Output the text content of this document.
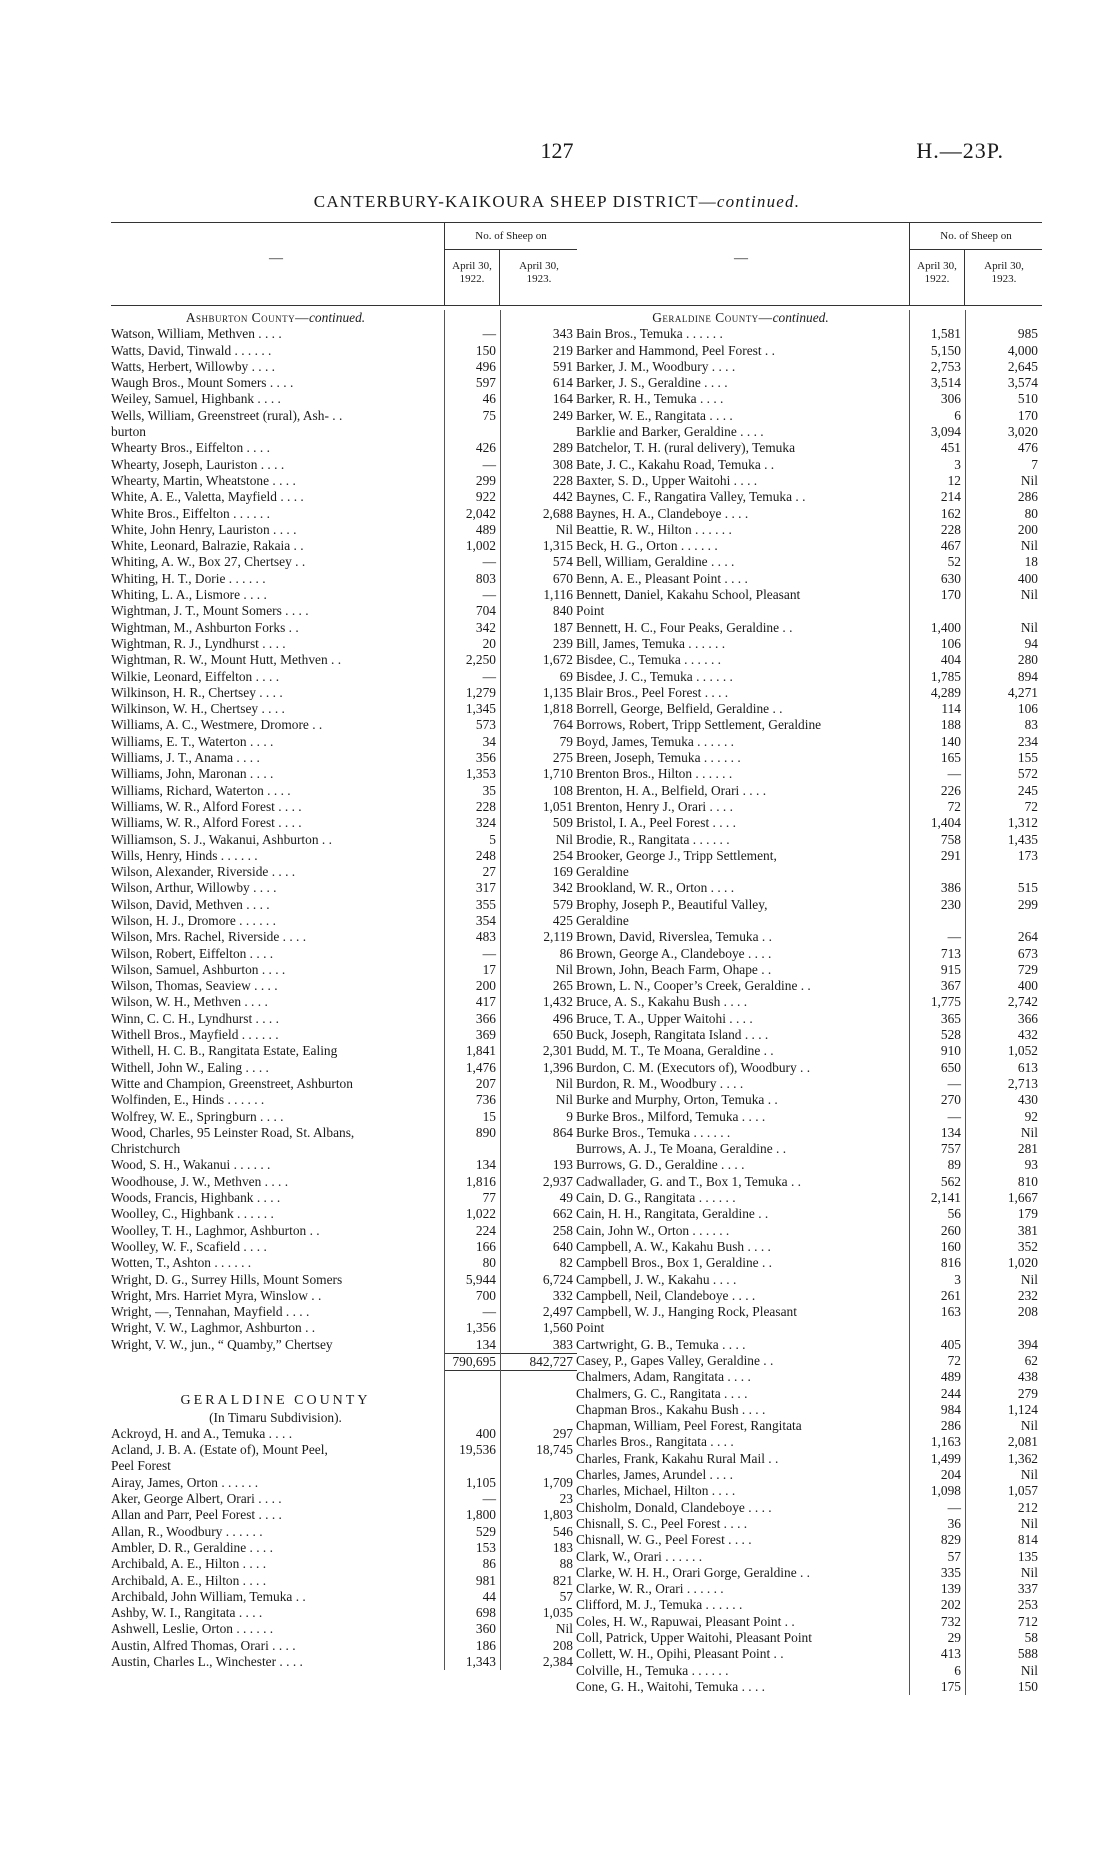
127	H.—23P.
CANTERBURY-KAIKOURA SHEEP DISTRICT—continued.
—
No. of Sheep on
April 30,
1922.
April 30,
1923.
Ashburton County—continued.
Watson, William, Methven . . . .	—	343
Watts, David, Tinwald . . . . . .	150	219
Watts, Herbert, Willowby . . . .	496	591
Waugh Bros., Mount Somers . . . .	597	614
Weiley, Samuel, Highbank . . . .	46	164
Wells, William, Greenstreet (rural), Ash- . .	75	249
burton
Whearty Bros., Eiffelton . . . .	426	289
Whearty, Joseph, Lauriston . . . .	—	308
Whearty, Martin, Wheatstone . . . .	299	228
White, A. E., Valetta, Mayfield . . . .	922	442
White Bros., Eiffelton . . . . . .	2,042	2,688
White, John Henry, Lauriston . . . .	489	Nil
White, Leonard, Balrazie, Rakaia . .	1,002	1,315
Whiting, A. W., Box 27, Chertsey . .	—	574
Whiting, H. T., Dorie . . . . . .	803	670
Whiting, L. A., Lismore . . . .	—	1,116
Wightman, J. T., Mount Somers . . . .	704	840
Wightman, M., Ashburton Forks . .	342	187
Wightman, R. J., Lyndhurst . . . .	20	239
Wightman, R. W., Mount Hutt, Methven . .	2,250	1,672
Wilkie, Leonard, Eiffelton . . . .	—	69
Wilkinson, H. R., Chertsey . . . .	1,279	1,135
Wilkinson, W. H., Chertsey . . . .	1,345	1,818
Williams, A. C., Westmere, Dromore . .	573	764
Williams, E. T., Waterton . . . .	34	79
Williams, J. T., Anama . . . .	356	275
Williams, John, Maronan . . . .	1,353	1,710
Williams, Richard, Waterton . . . .	35	108
Williams, W. R., Alford Forest . . . .	228	1,051
Williams, W. R., Alford Forest . . . .	324	509
Williamson, S. J., Wakanui, Ashburton . .	5	Nil
Wills, Henry, Hinds . . . . . .	248	254
Wilson, Alexander, Riverside . . . .	27	169
Wilson, Arthur, Willowby . . . .	317	342
Wilson, David, Methven . . . .	355	579
Wilson, H. J., Dromore . . . . . .	354	425
Wilson, Mrs. Rachel, Riverside . . . .	483	2,119
Wilson, Robert, Eiffelton . . . .	—	86
Wilson, Samuel, Ashburton . . . .	17	Nil
Wilson, Thomas, Seaview . . . .	200	265
Wilson, W. H., Methven . . . .	417	1,432
Winn, C. C. H., Lyndhurst . . . .	366	496
Withell Bros., Mayfield . . . . . .	369	650
Withell, H. C. B., Rangitata Estate, Ealing	1,841	2,301
Withell, John W., Ealing . . . .	1,476	1,396
Witte and Champion, Greenstreet, Ashburton	207	Nil
Wolfinden, E., Hinds . . . . . .	736	Nil
Wolfrey, W. E., Springburn . . . .	15	9
Wood, Charles, 95 Leinster Road, St. Albans,	890	864
Christchurch
Wood, S. H., Wakanui . . . . . .	134	193
Woodhouse, J. W., Methven . . . .	1,816	2,937
Woods, Francis, Highbank . . . .	77	49
Woolley, C., Highbank . . . . . .	1,022	662
Woolley, T. H., Laghmor, Ashburton . .	224	258
Woolley, W. F., Scafield . . . .	166	640
Wotten, T., Ashton . . . . . .	80	82
Wright, D. G., Surrey Hills, Mount Somers	5,944	6,724
Wright, Mrs. Harriet Myra, Winslow . .	700	332
Wright, —, Tennahan, Mayfield . . . .	—	2,497
Wright, V. W., Laghmor, Ashburton . .	1,356	1,560
Wright, V. W., jun., “ Quamby,” Chertsey	134	383
790,695	842,727
GERALDINE COUNTY
(In Timaru Subdivision).
Ackroyd, H. and A., Temuka . . . .	400	297
Acland, J. B. A. (Estate of), Mount Peel,	19,536	18,745
Peel Forest
Airay, James, Orton . . . . . .	1,105	1,709
Aker, George Albert, Orari . . . .	—	23
Allan and Parr, Peel Forest . . . .	1,800	1,803
Allan, R., Woodbury . . . . . .	529	546
Ambler, D. R., Geraldine . . . .	153	183
Archibald, A. E., Hilton . . . .	86	88
Archibald, A. E., Hilton . . . .	981	821
Archibald, John William, Temuka . .	44	57
Ashby, W. I., Rangitata . . . .	698	1,035
Ashwell, Leslie, Orton . . . . . .	360	Nil
Austin, Alfred Thomas, Orari . . . .	186	208
Austin, Charles L., Winchester . . . .	1,343	2,384
—
No. of Sheep on
April 30,
1922.
April 30,
1923.
Geraldine County—continued.
Bain Bros., Temuka . . . . . .	1,581	985
Barker and Hammond, Peel Forest . .	5,150	4,000
Barker, J. M., Woodbury . . . .	2,753	2,645
Barker, J. S., Geraldine . . . .	3,514	3,574
Barker, R. H., Temuka . . . .	306	510
Barker, W. E., Rangitata . . . .	6	170
Barklie and Barker, Geraldine . . . .	3,094	3,020
Batchelor, T. H. (rural delivery), Temuka	451	476
Bate, J. C., Kakahu Road, Temuka . .	3	7
Baxter, S. D., Upper Waitohi . . . .	12	Nil
Baynes, C. F., Rangatira Valley, Temuka . .	214	286
Baynes, H. A., Clandeboye . . . .	162	80
Beattie, R. W., Hilton . . . . . .	228	200
Beck, H. G., Orton . . . . . .	467	Nil
Bell, William, Geraldine . . . .	52	18
Benn, A. E., Pleasant Point . . . .	630	400
Bennett, Daniel, Kakahu School, Pleasant	170	Nil
Point
Bennett, H. C., Four Peaks, Geraldine . .	1,400	Nil
Bill, James, Temuka . . . . . .	106	94
Bisdee, C., Temuka . . . . . .	404	280
Bisdee, J. C., Temuka . . . . . .	1,785	894
Blair Bros., Peel Forest . . . .	4,289	4,271
Borrell, George, Belfield, Geraldine . .	114	106
Borrows, Robert, Tripp Settlement, Geraldine	188	83
Boyd, James, Temuka . . . . . .	140	234
Breen, Joseph, Temuka . . . . . .	165	155
Brenton Bros., Hilton . . . . . .	—	572
Brenton, H. A., Belfield, Orari . . . .	226	245
Brenton, Henry J., Orari . . . .	72	72
Bristol, I. A., Peel Forest . . . .	1,404	1,312
Brodie, R., Rangitata . . . . . .	758	1,435
Brooker, George J., Tripp Settlement,	291	173
Geraldine
Brookland, W. R., Orton . . . .	386	515
Brophy, Joseph P., Beautiful Valley,	230	299
Geraldine
Brown, David, Riverslea, Temuka . .	—	264
Brown, George A., Clandeboye . . . .	713	673
Brown, John, Beach Farm, Ohape . .	915	729
Brown, L. N., Cooper’s Creek, Geraldine . .	367	400
Bruce, A. S., Kakahu Bush . . . .	1,775	2,742
Bruce, T. A., Upper Waitohi . . . .	365	366
Buck, Joseph, Rangitata Island . . . .	528	432
Budd, M. T., Te Moana, Geraldine . .	910	1,052
Burdon, C. M. (Executors of), Woodbury . .	650	613
Burdon, R. M., Woodbury . . . .	—	2,713
Burke and Murphy, Orton, Temuka . .	270	430
Burke Bros., Milford, Temuka . . . .	—	92
Burke Bros., Temuka . . . . . .	134	Nil
Burrows, A. J., Te Moana, Geraldine . .	757	281
Burrows, G. D., Geraldine . . . .	89	93
Cadwallader, G. and T., Box 1, Temuka . .	562	810
Cain, D. G., Rangitata . . . . . .	2,141	1,667
Cain, H. H., Rangitata, Geraldine . .	56	179
Cain, John W., Orton . . . . . .	260	381
Campbell, A. W., Kakahu Bush . . . .	160	352
Campbell Bros., Box 1, Geraldine . .	816	1,020
Campbell, J. W., Kakahu . . . .	3	Nil
Campbell, Neil, Clandeboye . . . .	261	232
Campbell, W. J., Hanging Rock, Pleasant	163	208
Point
Cartwright, G. B., Temuka . . . .	405	394
Casey, P., Gapes Valley, Geraldine . .	72	62
Chalmers, Adam, Rangitata . . . .	489	438
Chalmers, G. C., Rangitata . . . .	244	279
Chapman Bros., Kakahu Bush . . . .	984	1,124
Chapman, William, Peel Forest, Rangitata	286	Nil
Charles Bros., Rangitata . . . .	1,163	2,081
Charles, Frank, Kakahu Rural Mail . .	1,499	1,362
Charles, James, Arundel . . . .	204	Nil
Charles, Michael, Hilton . . . .	1,098	1,057
Chisholm, Donald, Clandeboye . . . .	—	212
Chisnall, S. C., Peel Forest . . . .	36	Nil
Chisnall, W. G., Peel Forest . . . .	829	814
Clark, W., Orari . . . . . .	57	135
Clarke, W. H. H., Orari Gorge, Geraldine . .	335	Nil
Clarke, W. R., Orari . . . . . .	139	337
Clifford, M. J., Temuka . . . . . .	202	253
Coles, H. W., Rapuwai, Pleasant Point . .	732	712
Coll, Patrick, Upper Waitohi, Pleasant Point	29	58
Collett, W. H., Opihi, Pleasant Point . .	413	588
Colville, H., Temuka . . . . . .	6	Nil
Cone, G. H., Waitohi, Temuka . . . .	175	150
